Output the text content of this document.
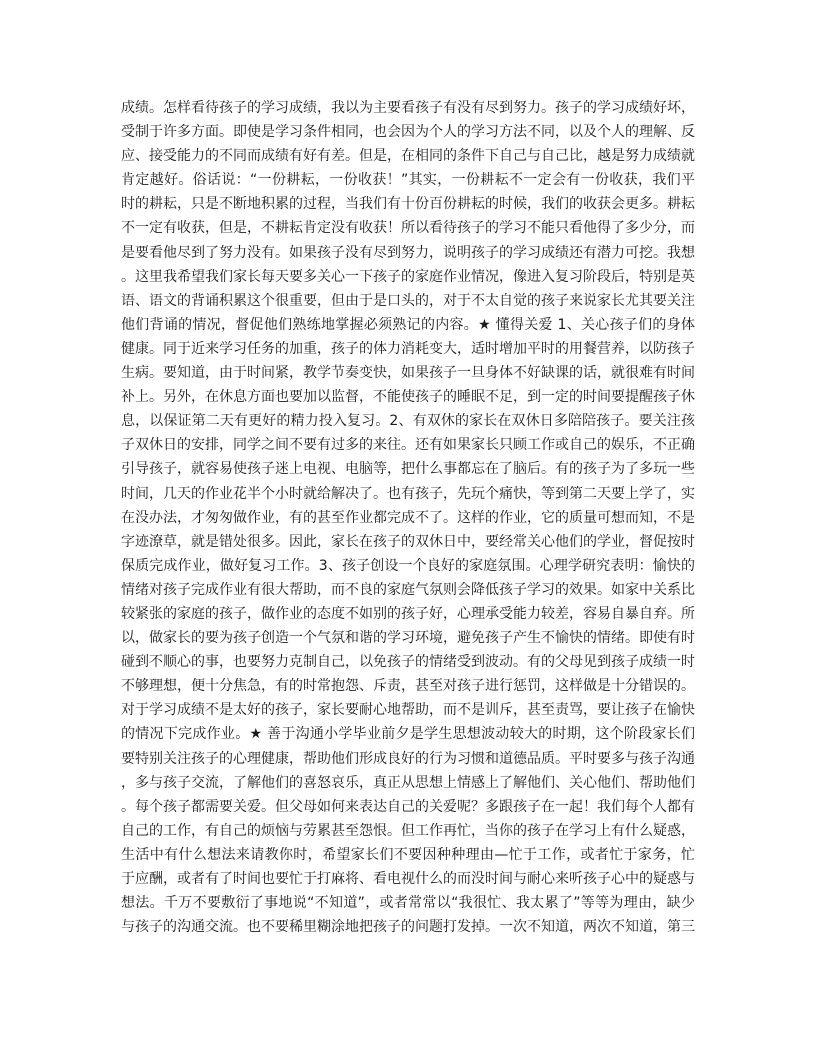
成绩。怎样看待孩子的学习成绩，我以为主要看孩子有没有尽到努力。孩子的学习成绩好坏，
受制于许多方面。即使是学习条件相同，也会因为个人的学习方法不同，以及个人的理解、反
应、接受能力的不同而成绩有好有差。但是，在相同的条件下自己与自己比，越是努力成绩就
肯定越好。俗话说：“一份耕耘，一份收获！”其实，一份耕耘不一定会有一份收获，我们平
时的耕耘，只是不断地积累的过程，当我们有十份百份耕耘的时候，我们的收获会更多。耕耘
不一定有收获，但是，不耕耘肯定没有收获！所以看待孩子的学习不能只看他得了多少分，而
是要看他尽到了努力没有。如果孩子没有尽到努力，说明孩子的学习成绩还有潜力可挖。我想
。这里我希望我们家长每天要多关心一下孩子的家庭作业情况，像进入复习阶段后，特别是英
语、语文的背诵积累这个很重要，但由于是口头的，对于不太自觉的孩子来说家长尤其要关注
他们背诵的情况，督促他们熟练地掌握必须熟记的内容。★ 懂得关爱 1、关心孩子们的身体
健康。同于近来学习任务的加重，孩子的体力消耗变大，适时增加平时的用餐营养，以防孩子
生病。要知道，由于时间紧，教学节奏变快，如果孩子一旦身体不好缺课的话，就很难有时间
补上。另外，在休息方面也要加以监督，不能使孩子的睡眠不足，到一定的时间要提醒孩子休
息，以保证第二天有更好的精力投入复习。2、有双休的家长在双休日多陪陪孩子。要关注孩
子双休日的安排，同学之间不要有过多的来往。还有如果家长只顾工作或自己的娱乐，不正确
引导孩子，就容易使孩子迷上电视、电脑等，把什么事都忘在了脑后。有的孩子为了多玩一些
时间，几天的作业花半个小时就给解决了。也有孩子，先玩个痛快，等到第二天要上学了，实
在没办法，才匆匆做作业，有的甚至作业都完成不了。这样的作业，它的质量可想而知，不是
字迹潦草，就是错处很多。因此，家长在孩子的双休日中，要经常关心他们的学业，督促按时
保质完成作业，做好复习工作。3、孩子创设一个良好的家庭氛围。心理学研究表明：愉快的
情绪对孩子完成作业有很大帮助，而不良的家庭气氛则会降低孩子学习的效果。如家中关系比
较紧张的家庭的孩子，做作业的态度不如别的孩子好，心理承受能力较差，容易自暴自弃。所
以，做家长的要为孩子创造一个气氛和谐的学习环境，避免孩子产生不愉快的情绪。即使有时
碰到不顺心的事，也要努力克制自己，以免孩子的情绪受到波动。有的父母见到孩子成绩一时
不够理想，便十分焦急，有的时常抱怨、斥责，甚至对孩子进行惩罚，这样做是十分错误的。
对于学习成绩不是太好的孩子，家长要耐心地帮助，而不是训斥，甚至责骂，要让孩子在愉快
的情况下完成作业。★ 善于沟通小学毕业前夕是学生思想波动较大的时期，这个阶段家长们
要特别关注孩子的心理健康，帮助他们形成良好的行为习惯和道德品质。平时要多与孩子沟通
，多与孩子交流，了解他们的喜怒哀乐，真正从思想上情感上了解他们、关心他们、帮助他们
。每个孩子都需要关爱。但父母如何来表达自己的关爱呢？多跟孩子在一起！我们每个人都有
自己的工作，有自己的烦恼与劳累甚至怨恨。但工作再忙，当你的孩子在学习上有什么疑惑，
生活中有什么想法来请教你时，希望家长们不要因种种理由—忙于工作，或者忙于家务，忙
于应酬，或者有了时间也要忙于打麻将、看电视什么的而没时间与耐心来听孩子心中的疑惑与
想法。千万不要敷衍了事地说“不知道”，或者常常以“我很忙、我太累了”等等为理由，缺少
与孩子的沟通交流。也不要稀里糊涂地把孩子的问题打发掉。一次不知道，两次不知道，第三
